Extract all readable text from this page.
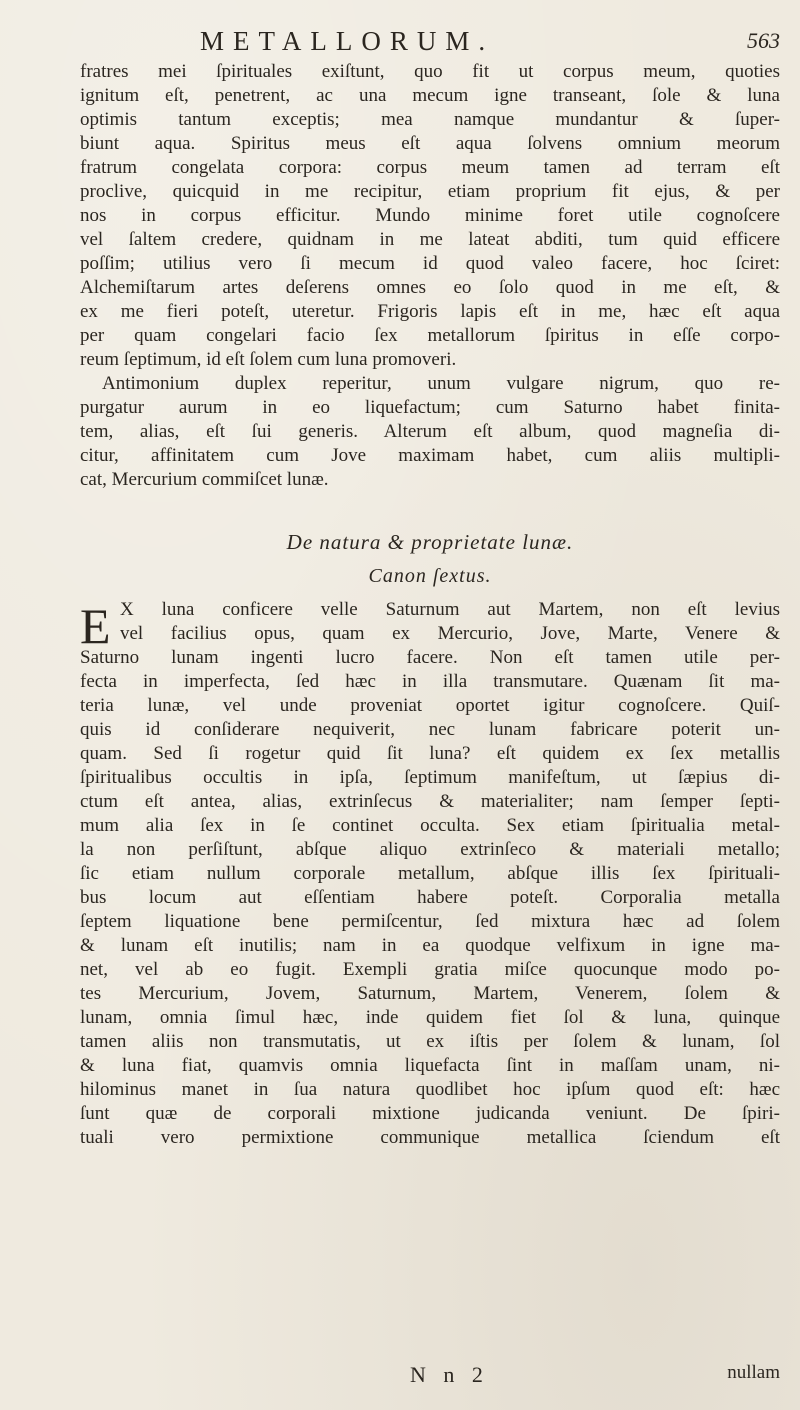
METALLORUM.	563
fratres mei ſpirituales exiſtunt, quo fit ut corpus meum, quoties
ignitum eſt, penetrent, ac una mecum igne transeant, ſole & luna
optimis tantum exceptis; mea namque mundantur & ſuper-
biunt aqua. Spiritus meus eſt aqua ſolvens omnium meorum
fratrum congelata corpora: corpus meum tamen ad terram eſt
proclive, quicquid in me recipitur, etiam proprium fit ejus, & per
nos in corpus efficitur. Mundo minime foret utile cognoſcere
vel ſaltem credere, quidnam in me lateat abditi, tum quid efficere
poſſim; utilius vero ſi mecum id quod valeo facere, hoc ſciret:
Alchemiſtarum artes deſerens omnes eo ſolo quod in me eſt, &
ex me fieri poteſt, uteretur. Frigoris lapis eſt in me, hæc eſt aqua
per quam congelari facio ſex metallorum ſpiritus in eſſe corpo-
reum ſeptimum, id eſt ſolem cum luna promoveri.
Antimonium duplex reperitur, unum vulgare nigrum, quo re-
purgatur aurum in eo liquefactum; cum Saturno habet finita-
tem, alias, eſt ſui generis. Alterum eſt album, quod magneſia di-
citur, affinitatem cum Jove maximam habet, cum aliis multipli-
cat, Mercurium commiſcet lunæ.
De natura & proprietate lunæ.
Canon ſextus.
E X luna conficere velle Saturnum aut Martem, non eſt levius
vel facilius opus, quam ex Mercurio, Jove, Marte, Venere &
Saturno lunam ingenti lucro facere. Non eſt tamen utile per-
fecta in imperfecta, ſed hæc in illa transmutare. Quænam ſit ma-
teria lunæ, vel unde proveniat oportet igitur cognoſcere. Quiſ-
quis id conſiderare nequiverit, nec lunam fabricare poterit un-
quam. Sed ſi rogetur quid ſit luna? eſt quidem ex ſex metallis
ſpiritualibus occultis in ipſa, ſeptimum manifeſtum, ut ſæpius di-
ctum eſt antea, alias, extrinſecus & materialiter; nam ſemper ſepti-
mum alia ſex in ſe continet occulta. Sex etiam ſpiritualia metal-
la non perſiſtunt, abſque aliquo extrinſeco & materiali metallo;
ſic etiam nullum corporale metallum, abſque illis ſex ſpirituali-
bus locum aut eſſentiam habere poteſt. Corporalia metalla
ſeptem liquatione bene permiſcentur, ſed mixtura hæc ad ſolem
& lunam eſt inutilis; nam in ea quodque velfixum in igne ma-
net, vel ab eo fugit. Exempli gratia miſce quocunque modo po-
tes Mercurium, Jovem, Saturnum, Martem, Venerem, ſolem &
lunam, omnia ſimul hæc, inde quidem fiet ſol & luna, quinque
tamen aliis non transmutatis, ut ex iſtis per ſolem & lunam, ſol
& luna fiat, quamvis omnia liquefacta ſint in maſſam unam, ni-
hilominus manet in ſua natura quodlibet hoc ipſum quod eſt: hæc
ſunt quæ de corporali mixtione judicanda veniunt. De ſpiri-
tuali vero permixtione communique metallica ſciendum eſt
N n 2	nullam
